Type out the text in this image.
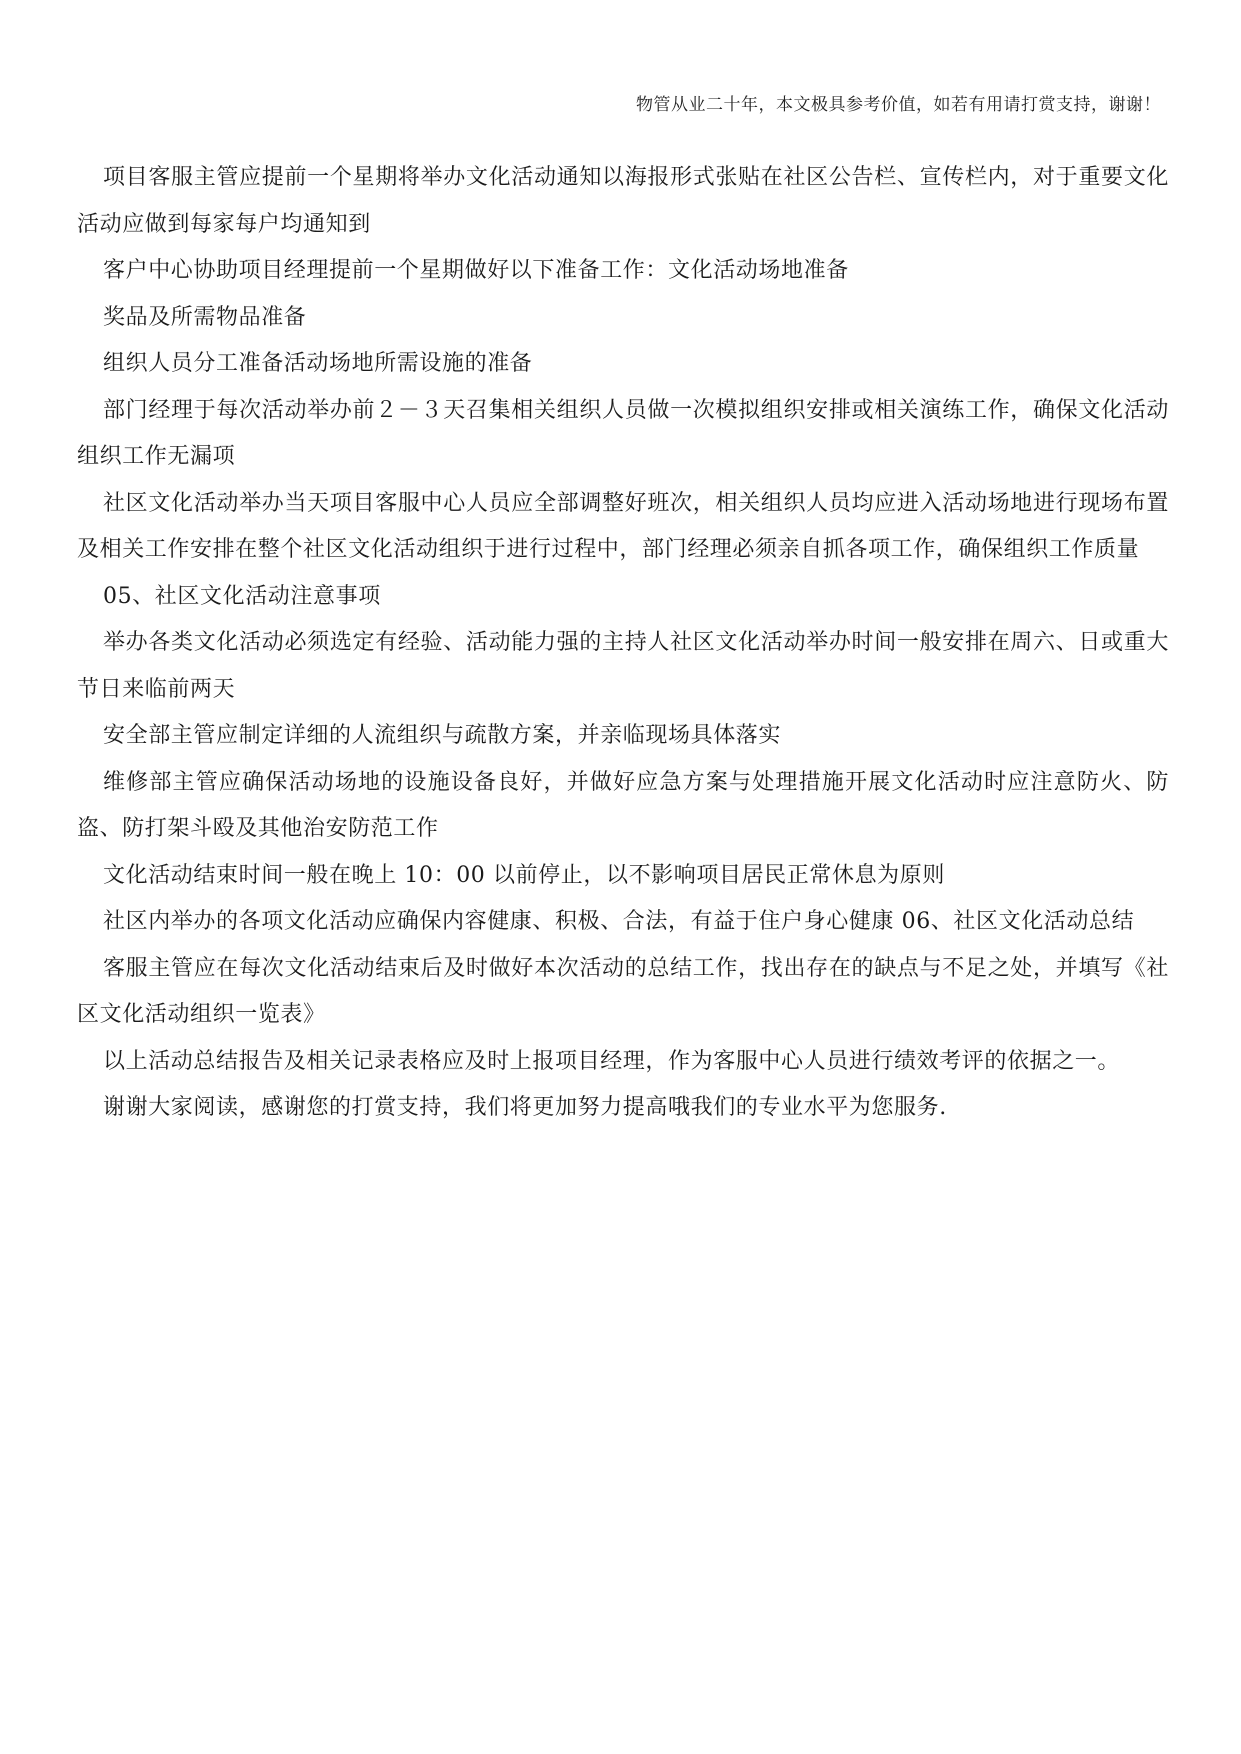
物管从业二十年，本文极具参考价值，如若有用请打赏支持，谢谢！

项目客服主管应提前一个星期将举办文化活动通知以海报形式张贴在社区公告栏、宣传栏内，对于重要文化活动应做到每家每户均通知到

客户中心协助项目经理提前一个星期做好以下准备工作：文化活动场地准备

奖品及所需物品准备

组织人员分工准备活动场地所需设施的准备

部门经理于每次活动举办前２－３天召集相关组织人员做一次模拟组织安排或相关演练工作，确保文化活动组织工作无漏项

社区文化活动举办当天项目客服中心人员应全部调整好班次，相关组织人员均应进入活动场地进行现场布置及相关工作安排在整个社区文化活动组织于进行过程中，部门经理必须亲自抓各项工作，确保组织工作质量

05、社区文化活动注意事项

举办各类文化活动必须选定有经验、活动能力强的主持人社区文化活动举办时间一般安排在周六、日或重大节日来临前两天

安全部主管应制定详细的人流组织与疏散方案，并亲临现场具体落实

维修部主管应确保活动场地的设施设备良好，并做好应急方案与处理措施开展文化活动时应注意防火、防盗、防打架斗殴及其他治安防范工作

文化活动结束时间一般在晚上 10：00 以前停止，以不影响项目居民正常休息为原则

社区内举办的各项文化活动应确保内容健康、积极、合法，有益于住户身心健康 06、社区文化活动总结

客服主管应在每次文化活动结束后及时做好本次活动的总结工作，找出存在的缺点与不足之处，并填写《社区文化活动组织一览表》

以上活动总结报告及相关记录表格应及时上报项目经理，作为客服中心人员进行绩效考评的依据之一。

谢谢大家阅读，感谢您的打赏支持，我们将更加努力提高哦我们的专业水平为您服务.
